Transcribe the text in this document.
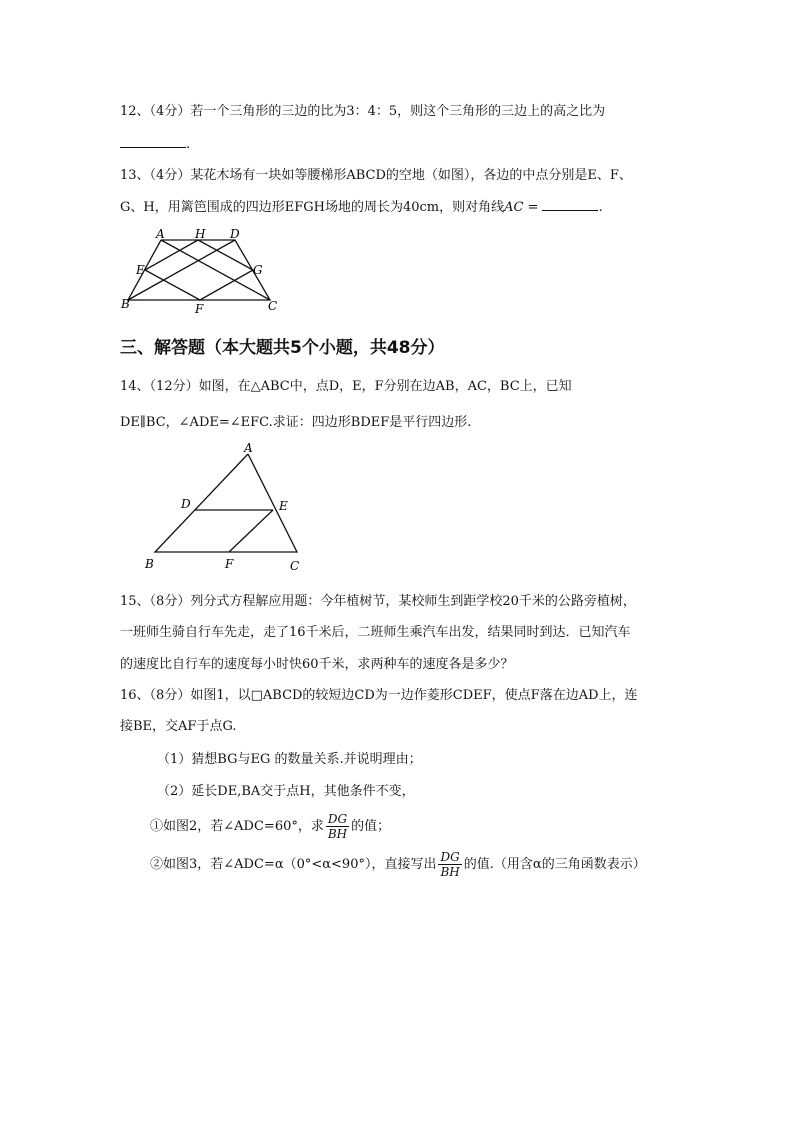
12、（4分）若一个三角形的三边的比为3：4：5，则这个三角形的三边上的高之比为
.
13、（4分）某花木场有一块如等腰梯形ABCD的空地（如图），各边的中点分别是E、F、
G、H，用篱笆围成的四边形EFGH场地的周长为40cm，则对角线AC =	.
A	H D
E	G
B	F	C
三、解答题（本大题共5个小题，共48分）
14、（12分）如图，在△ABC中，点D，E，F分别在边AB，AC，BC上，已知
DE∥BC，∠ADE=∠EFC.求证：四边形BDEF是平行四边形.
A
D	E
B	F	C
15、（8分）列分式方程解应用题：今年植树节，某校师生到距学校20千米的公路旁植树，
一班师生骑自行车先走，走了16千米后，二班师生乘汽车出发，结果同时到达．已知汽车
的速度比自行车的速度每小时快60千米，求两种车的速度各是多少？
16、（8分）如图1，以□ABCD的较短边CD为一边作菱形CDEF，使点F落在边AD上，连
接BE，交AF于点G.
（1）猜想BG与EG 的数量关系.并说明理由；
（2）延长DE,BA交于点H，其他条件不变，
①如图2，若∠ADC=60°，求 $\frac{DG}{BH}$ 的值；
②如图3，若∠ADC=α（0°<α<90°），直接写出 $\frac{DG}{BH}$ 的值.（用含α的三角函数表示）
